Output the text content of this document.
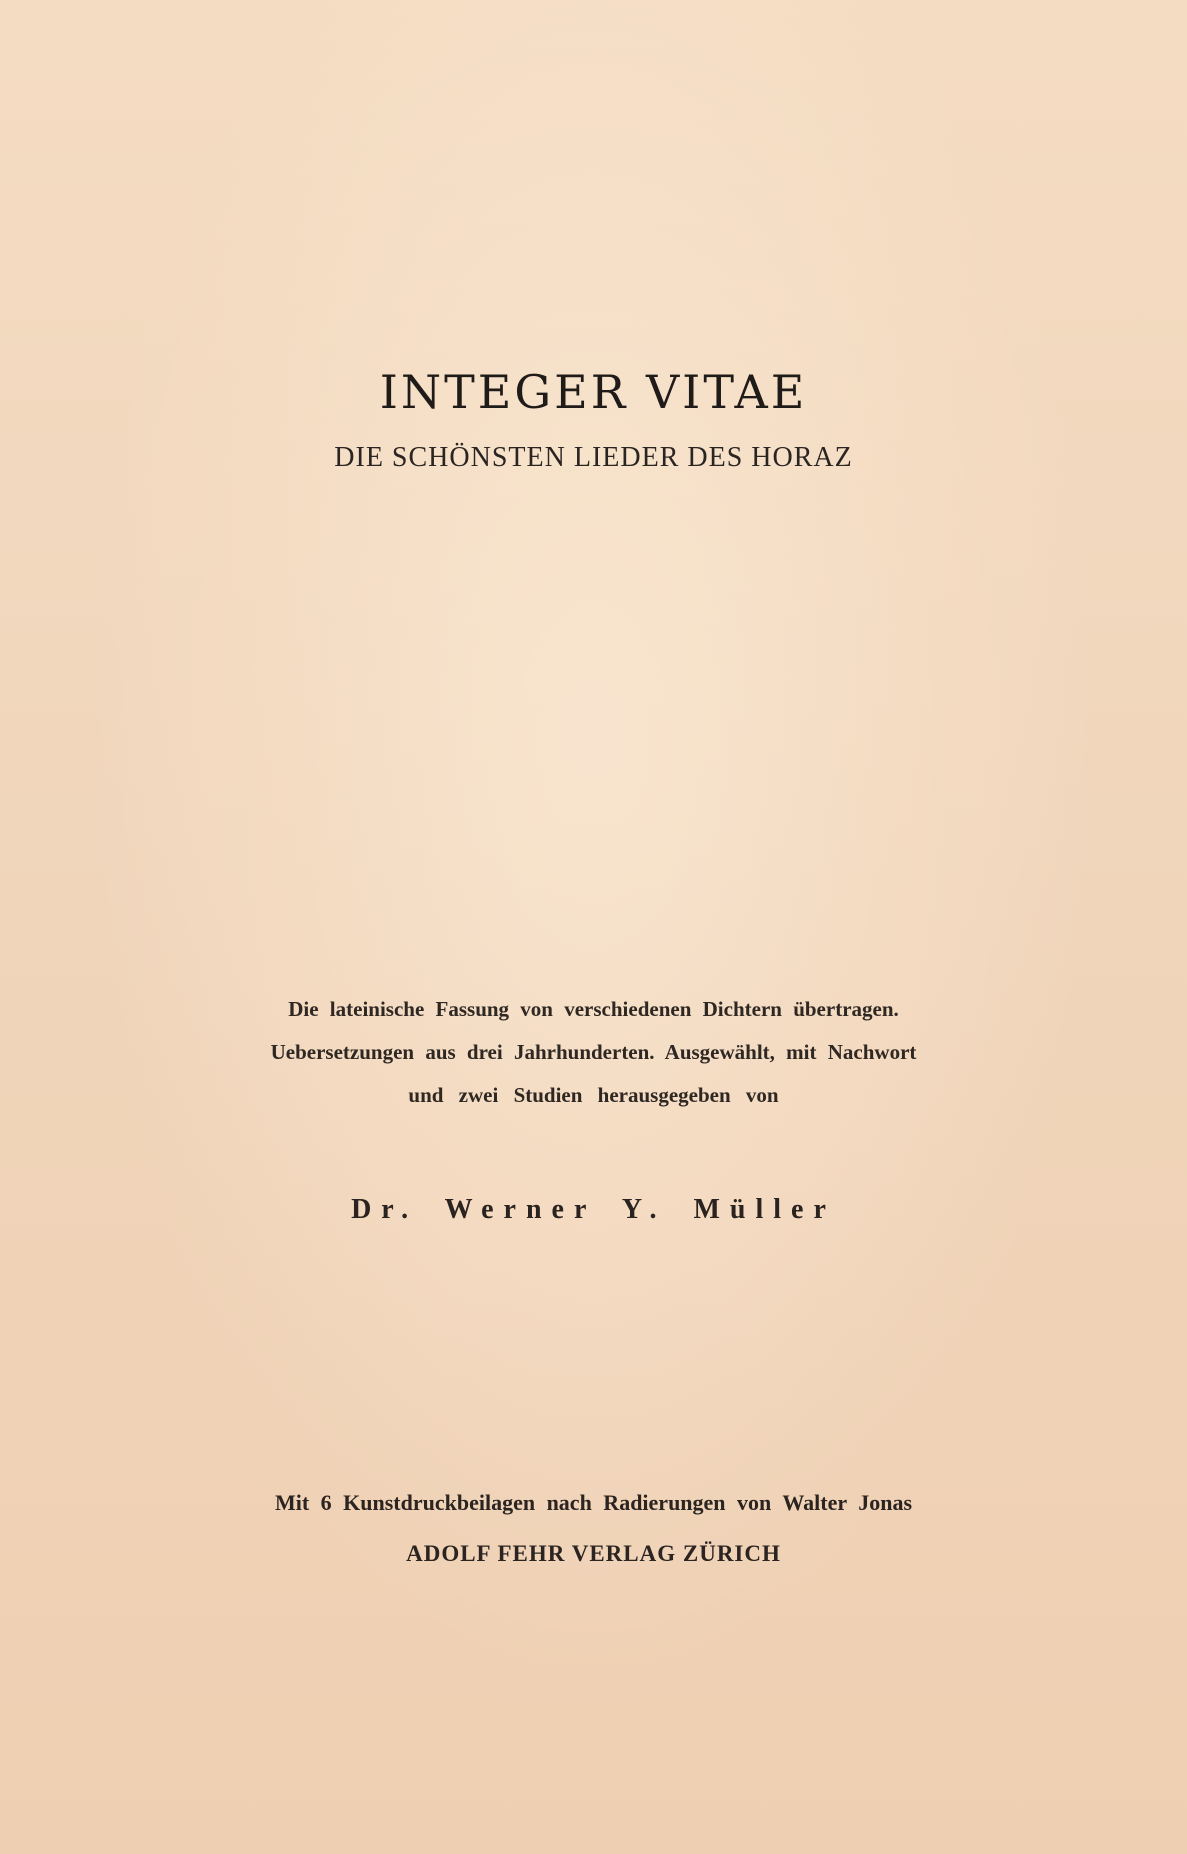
INTEGER VITAE
DIE SCHÖNSTEN LIEDER DES HORAZ
Die lateinische Fassung von verschiedenen Dichtern übertragen.
Uebersetzungen aus drei Jahrhunderten. Ausgewählt, mit Nachwort
und zwei Studien herausgegeben von
Dr. Werner Y. Müller
Mit 6 Kunstdruckbeilagen nach Radierungen von Walter Jonas
ADOLF FEHR VERLAG ZÜRICH
